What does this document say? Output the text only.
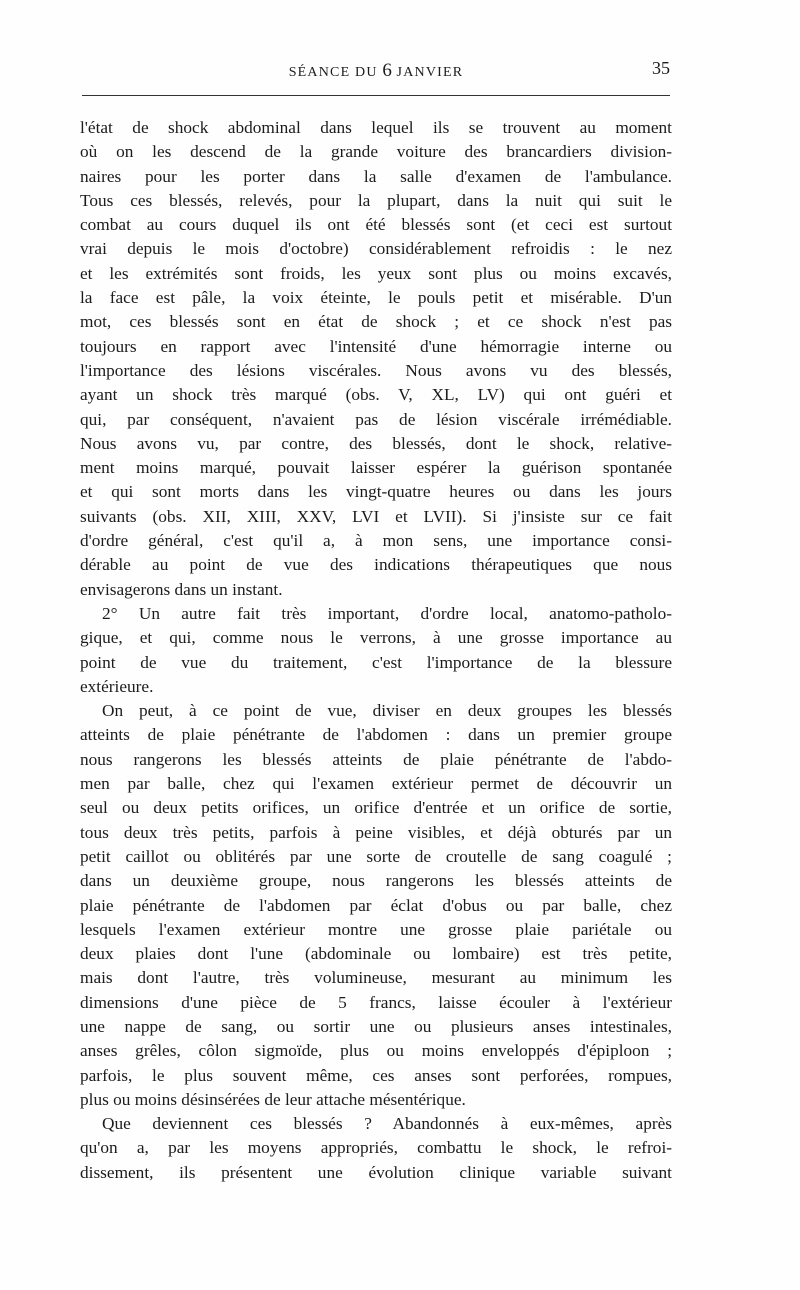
SÉANCE DU 6 JANVIER	35
l'état de shock abdominal dans lequel ils se trouvent au moment
où on les descend de la grande voiture des brancardiers division-
naires pour les porter dans la salle d'examen de l'ambulance.
Tous ces blessés, relevés, pour la plupart, dans la nuit qui suit le
combat au cours duquel ils ont été blessés sont (et ceci est surtout
vrai depuis le mois d'octobre) considérablement refroidis : le nez
et les extrémités sont froids, les yeux sont plus ou moins excavés,
la face est pâle, la voix éteinte, le pouls petit et misérable. D'un
mot, ces blessés sont en état de shock ; et ce shock n'est pas
toujours en rapport avec l'intensité d'une hémorragie interne ou
l'importance des lésions viscérales. Nous avons vu des blessés,
ayant un shock très marqué (obs. V, XL, LV) qui ont guéri et
qui, par conséquent, n'avaient pas de lésion viscérale irrémédiable.
Nous avons vu, par contre, des blessés, dont le shock, relative-
ment moins marqué, pouvait laisser espérer la guérison spontanée
et qui sont morts dans les vingt-quatre heures ou dans les jours
suivants (obs. XII, XIII, XXV, LVI et LVII). Si j'insiste sur ce fait
d'ordre général, c'est qu'il a, à mon sens, une importance consi-
dérable au point de vue des indications thérapeutiques que nous
envisagerons dans un instant.
2° Un autre fait très important, d'ordre local, anatomo-patholo-
gique, et qui, comme nous le verrons, à une grosse importance au
point de vue du traitement, c'est l'importance de la blessure
extérieure.
On peut, à ce point de vue, diviser en deux groupes les blessés
atteints de plaie pénétrante de l'abdomen : dans un premier groupe
nous rangerons les blessés atteints de plaie pénétrante de l'abdo-
men par balle, chez qui l'examen extérieur permet de découvrir un
seul ou deux petits orifices, un orifice d'entrée et un orifice de sortie,
tous deux très petits, parfois à peine visibles, et déjà obturés par un
petit caillot ou oblitérés par une sorte de croutelle de sang coagulé ;
dans un deuxième groupe, nous rangerons les blessés atteints de
plaie pénétrante de l'abdomen par éclat d'obus ou par balle, chez
lesquels l'examen extérieur montre une grosse plaie pariétale ou
deux plaies dont l'une (abdominale ou lombaire) est très petite,
mais dont l'autre, très volumineuse, mesurant au minimum les
dimensions d'une pièce de 5 francs, laisse écouler à l'extérieur
une nappe de sang, ou sortir une ou plusieurs anses intestinales,
anses grêles, côlon sigmoïde, plus ou moins enveloppés d'épiploon ;
parfois, le plus souvent même, ces anses sont perforées, rompues,
plus ou moins désinsérées de leur attache mésentérique.
Que deviennent ces blessés ? Abandonnés à eux-mêmes, après
qu'on a, par les moyens appropriés, combattu le shock, le refroi-
dissement, ils présentent une évolution clinique variable suivant
